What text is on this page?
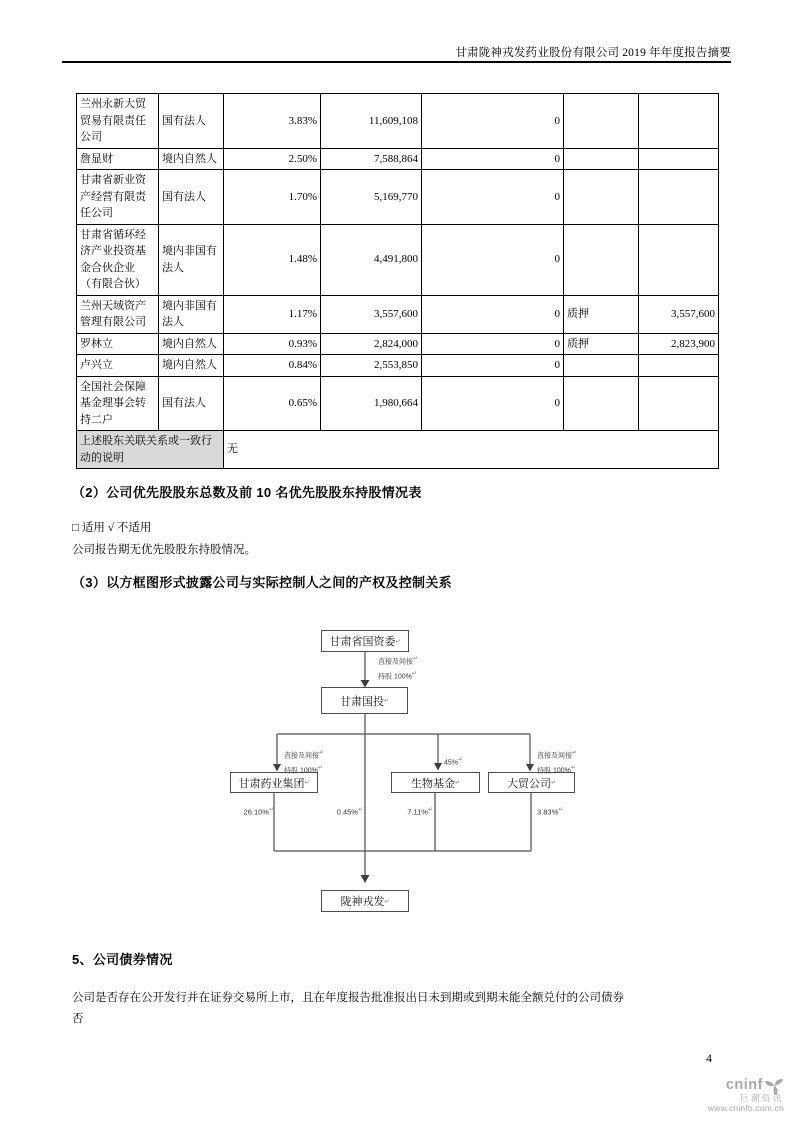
甘肃陇神戎发药业股份有限公司 2019 年年度报告摘要
兰州永新大贸贸易有限责任公司	国有法人	3.83%	11,609,108	0		
詹显财	境内自然人	2.50%	7,588,864	0		
甘肃省新业资产经营有限责任公司	国有法人	1.70%	5,169,770	0		
甘肃省循环经济产业投资基金合伙企业（有限合伙）	境内非国有法人	1.48%	4,491,800	0		
兰州天域资产管理有限公司	境内非国有法人	1.17%	3,557,600	0	质押	3,557,600
罗林立	境内自然人	0.93%	2,824,000	0	质押	2,823,900
卢兴立	境内自然人	0.84%	2,553,850	0		
全国社会保障基金理事会转持二户	国有法人	0.65%	1,980,664	0		
上述股东关联关系或一致行动的说明		无				
（2）公司优先股股东总数及前 10 名优先股股东持股情况表
□ 适用 √ 不适用
公司报告期无优先股股东持股情况。
（3）以方框图形式披露公司与实际控制人之间的产权及控制关系
甘肃省国资委 ↵
甘肃国投 ↵
甘肃药业集团 ↵	生物基金 ↵	大贸公司 ↵
陇神戎发 ↵
直接及间接↵
持股 100%↵
直接及间接↵
持股 100%↵
45%↵
直接及间接↵
持股 100%↵
26.10%↵	0.45%↵	7.11%↵	3.83%↵
5、公司债券情况
公司是否存在公开发行并在证券交易所上市，且在年度报告批准报出日未到期或到期未能全额兑付的公司债券
否
4
cninf
巨潮资讯
www.cninfo.com.cn
